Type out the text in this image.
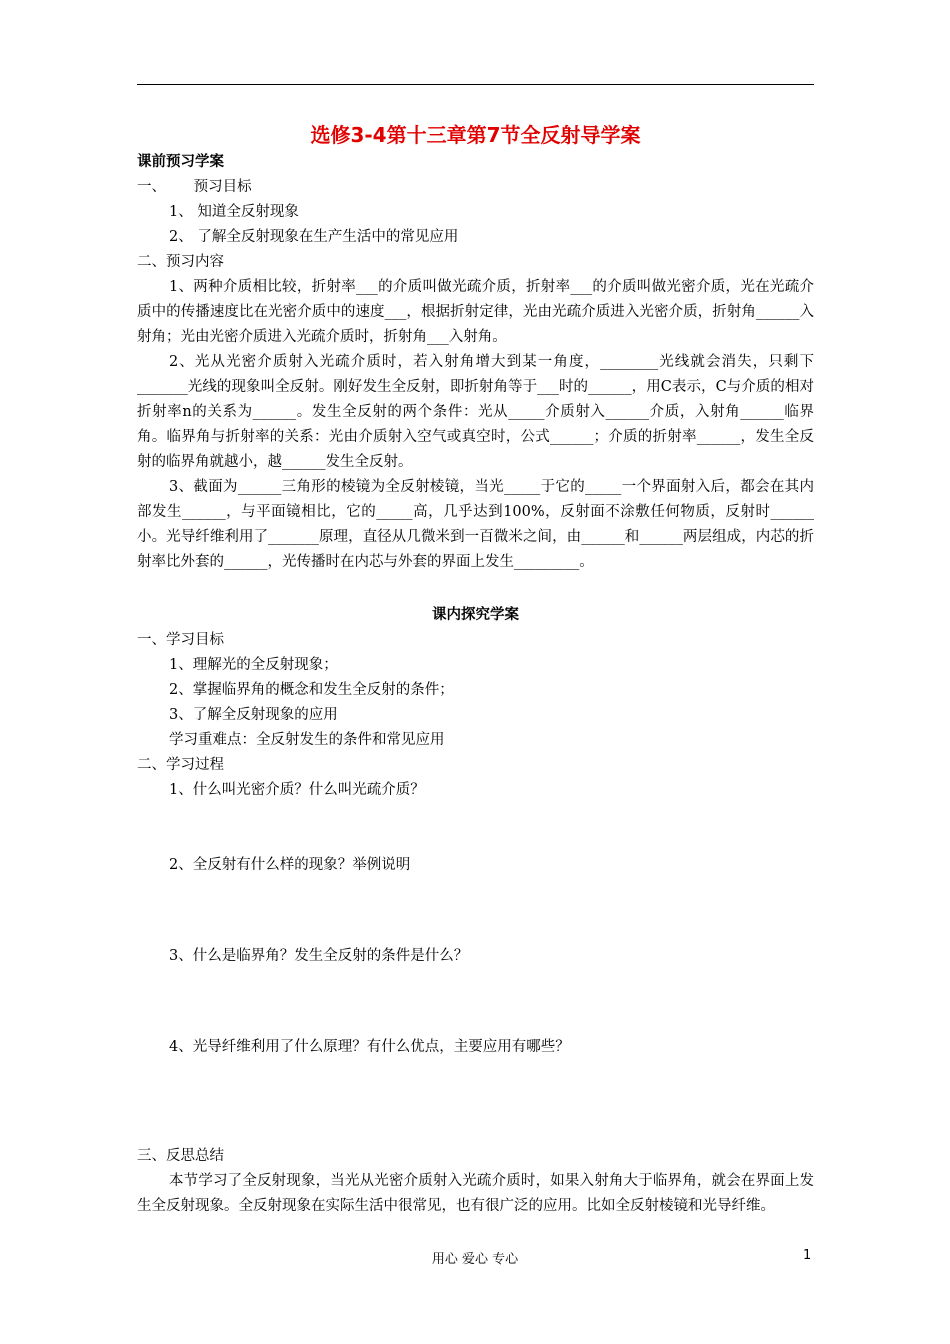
选修3-4第十三章第7节全反射导学案
课前预习学案

一、      预习目标

1、 知道全反射现象

2、 了解全反射现象在生产生活中的常见应用

二、预习内容

1、两种介质相比较，折射率___的介质叫做光疏介质，折射率___的介质叫做光密介质，光在光疏介质中的传播速度比在光密介质中的速度___，根据折射定律，光由光疏介质进入光密介质，折射角______入射角；光由光密介质进入光疏介质时，折射角___入射角。

2、光从光密介质射入光疏介质时，若入射角增大到某一角度，________光线就会消失，只剩下_______光线的现象叫全反射。刚好发生全反射，即折射角等于___时的______，用C表示，C与介质的相对折射率n的关系为______。发生全反射的两个条件：光从_____介质射入______介质，入射角______临界角。临界角与折射率的关系：光由介质射入空气或真空时，公式______；介质的折射率______，发生全反射的临界角就越小，越______发生全反射。

3、截面为______三角形的棱镜为全反射棱镜，当光_____于它的_____一个界面射入后，都会在其内部发生______，与平面镜相比，它的_____高，几乎达到100%，反射面不涂敷任何物质，反射时______小。光导纤维利用了_______原理，直径从几微米到一百微米之间，由______和______两层组成，内芯的折射率比外套的______，光传播时在内芯与外套的界面上发生_________。

课内探究学案

一、学习目标

1、理解光的全反射现象；

2、掌握临界角的概念和发生全反射的条件；

3、了解全反射现象的应用

学习重难点：全反射发生的条件和常见应用

二、学习过程

1、什么叫光密介质？什么叫光疏介质？

2、全反射有什么样的现象？举例说明

3、什么是临界角？发生全反射的条件是什么？

4、光导纤维利用了什么原理？有什么优点，主要应用有哪些？

三、反思总结

本节学习了全反射现象，当光从光密介质射入光疏介质时，如果入射角大于临界角，就会在界面上发生全反射现象。全反射现象在实际生活中很常见，也有很广泛的应用。比如全反射棱镜和光导纤维。

用心 爱心 专心	1
